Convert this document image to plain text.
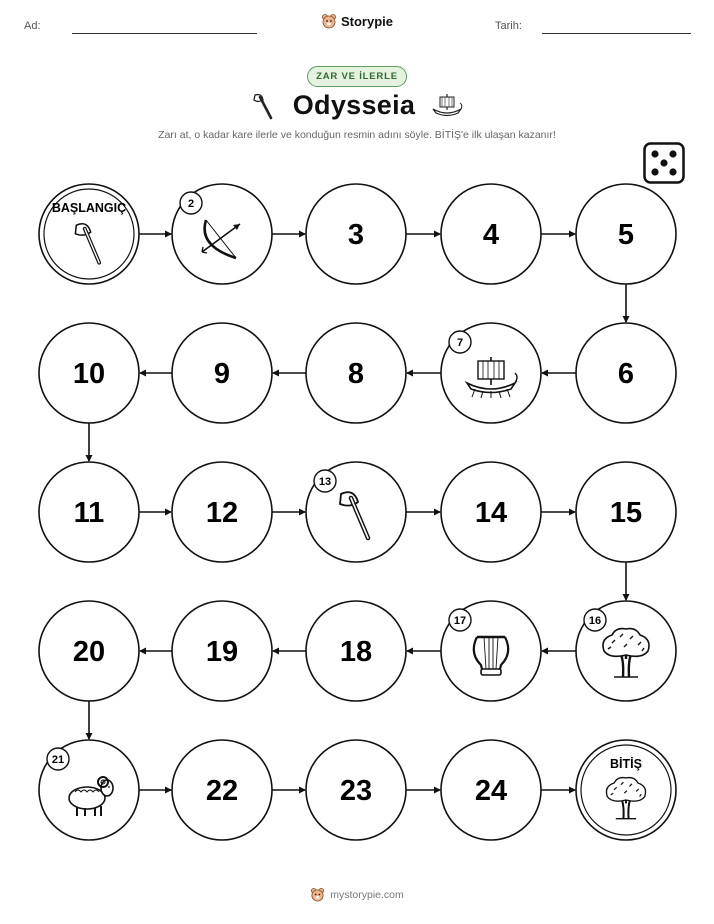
Ad:	Storypie	Tarih:
ZAR VE İLERLE
Odysseia
Zarı at, o kadar kare ilerle ve konduğun resmin adını söyle. BİTİŞ'e ilk ulaşan kazanır!
BAŞLANGIÇ	2
3	4	5
6
7
8
9
10
11	12
13
14	15
16
17
18
19
20
21
22	23	24
BİTİŞ
mystorypie.com
